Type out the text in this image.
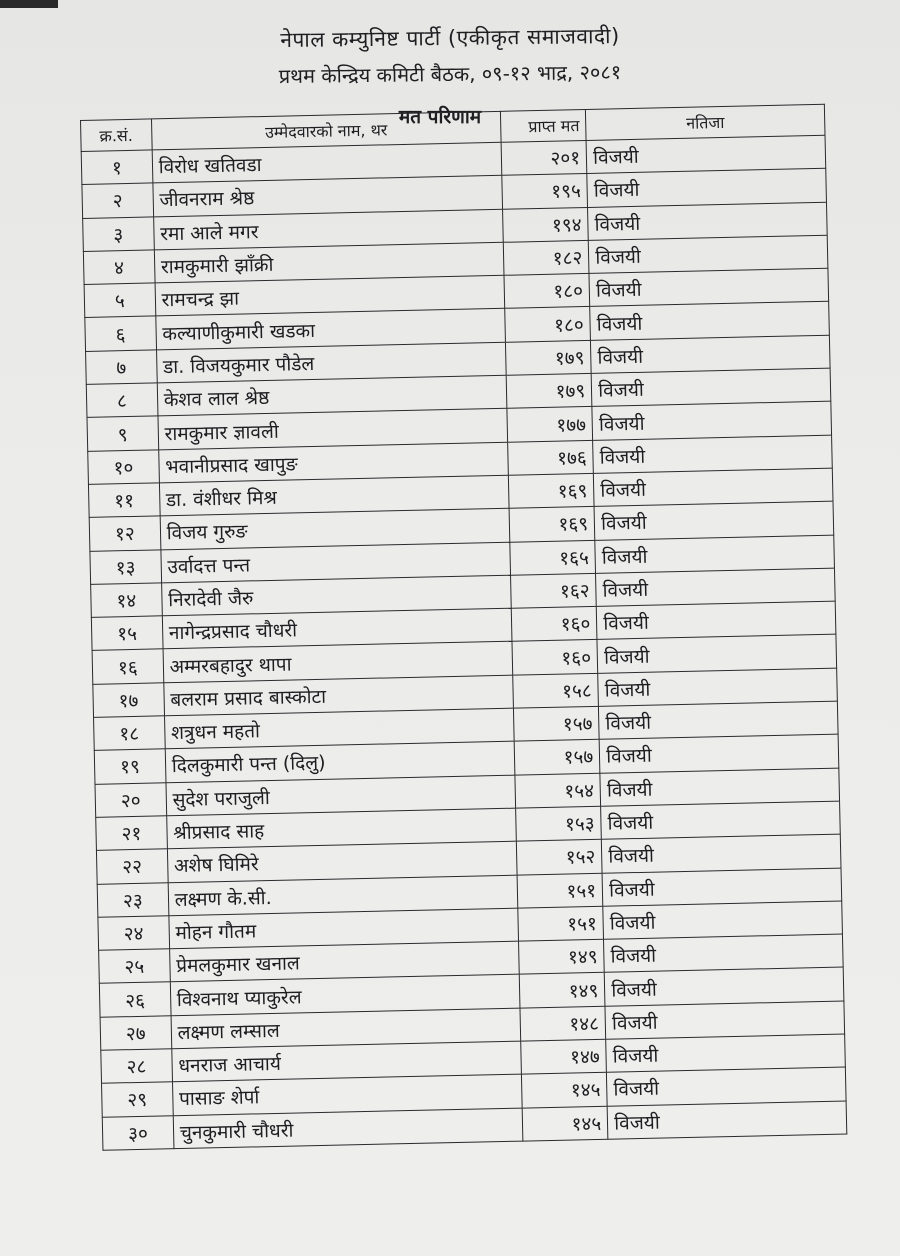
नेपाल कम्युनिष्ट पार्टी (एकीकृत समाजवादी)
प्रथम केन्द्रिय कमिटी बैठक, ०९-१२ भाद्र, २०८१
मत परिणाम
क्र.सं.	उम्मेदवारको नाम, थर	प्राप्त मत	नतिजा
१	विरोध खतिवडा	२०१	विजयी
२	जीवनराम श्रेष्ठ	१९५	विजयी
३	रमा आले मगर	१९४	विजयी
४	रामकुमारी झाँक्री	१८२	विजयी
५	रामचन्द्र झा	१८०	विजयी
६	कल्याणीकुमारी खडका	१८०	विजयी
७	डा. विजयकुमार पौडेल	१७९	विजयी
८	केशव लाल श्रेष्ठ	१७९	विजयी
९	रामकुमार ज्ञावली	१७७	विजयी
१०	भवानीप्रसाद खापुङ	१७६	विजयी
११	डा. वंशीधर मिश्र	१६९	विजयी
१२	विजय गुरुङ	१६९	विजयी
१३	उर्वादत्त पन्त	१६५	विजयी
१४	निरादेवी जैरु	१६२	विजयी
१५	नागेन्द्रप्रसाद चौधरी	१६०	विजयी
१६	अम्मरबहादुर थापा	१६०	विजयी
१७	बलराम प्रसाद बास्कोटा	१५८	विजयी
१८	शत्रुधन महतो	१५७	विजयी
१९	दिलकुमारी पन्त (दिलु)	१५७	विजयी
२०	सुदेश पराजुली	१५४	विजयी
२१	श्रीप्रसाद साह	१५३	विजयी
२२	अशेष घिमिरे	१५२	विजयी
२३	लक्ष्मण के.सी.	१५१	विजयी
२४	मोहन गौतम	१५१	विजयी
२५	प्रेमलकुमार खनाल	१४९	विजयी
२६	विश्वनाथ प्याकुरेल	१४९	विजयी
२७	लक्ष्मण लम्साल	१४८	विजयी
२८	धनराज आचार्य	१४७	विजयी
२९	पासाङ शेर्पा	१४५	विजयी
३०	चुनकुमारी चौधरी	१४५	विजयी
